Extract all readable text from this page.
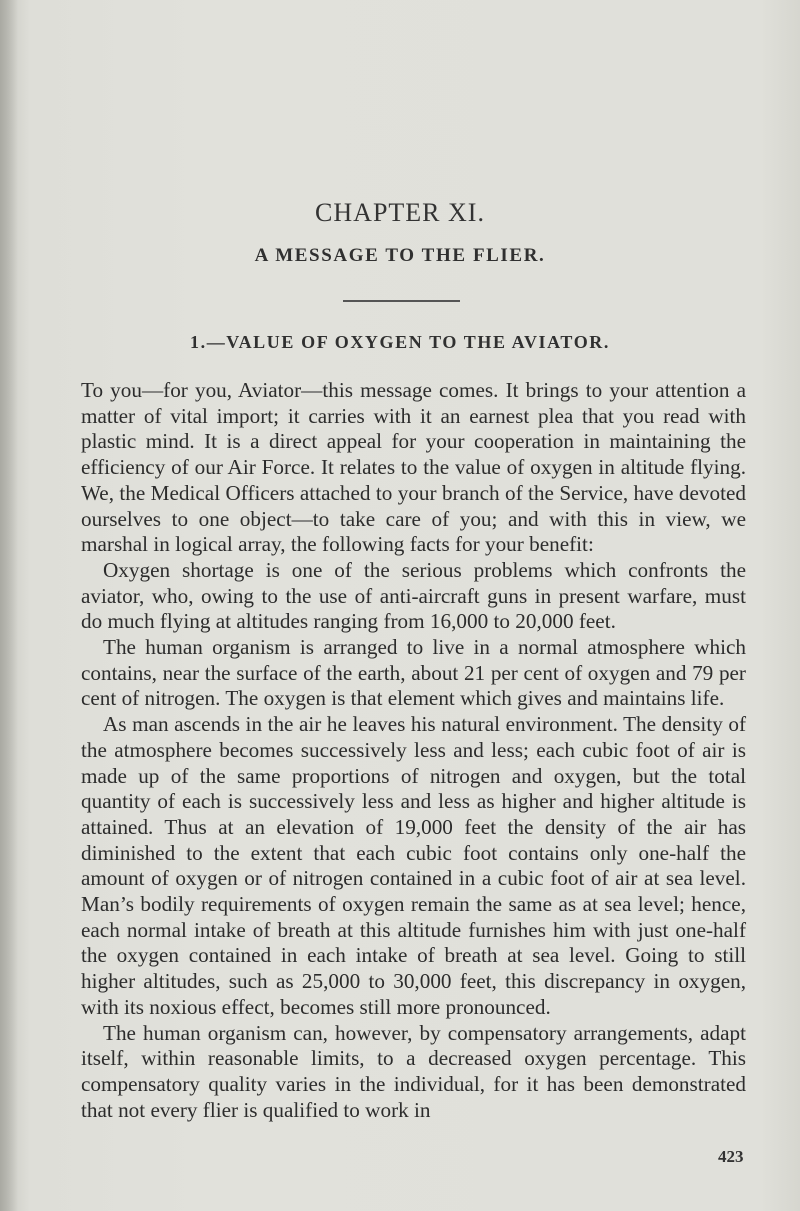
CHAPTER XI.
A MESSAGE TO THE FLIER.
1.—VALUE OF OXYGEN TO THE AVIATOR.

To you—for you, Aviator—this message comes. It brings to your attention a matter of vital import; it carries with it an earnest plea that you read with plastic mind. It is a direct appeal for your cooperation in maintaining the efficiency of our Air Force. It relates to the value of oxygen in altitude flying. We, the Medical Officers attached to your branch of the Service, have devoted ourselves to one object—to take care of you; and with this in view, we marshal in logical array, the following facts for your benefit:

Oxygen shortage is one of the serious problems which confronts the aviator, who, owing to the use of anti-aircraft guns in present warfare, must do much flying at altitudes ranging from 16,000 to 20,000 feet.

The human organism is arranged to live in a normal atmosphere which contains, near the surface of the earth, about 21 per cent of oxygen and 79 per cent of nitrogen. The oxygen is that element which gives and maintains life.

As man ascends in the air he leaves his natural environment. The density of the atmosphere becomes successively less and less; each cubic foot of air is made up of the same proportions of nitrogen and oxygen, but the total quantity of each is successively less and less as higher and higher altitude is attained. Thus at an elevation of 19,000 feet the density of the air has diminished to the extent that each cubic foot contains only one-half the amount of oxygen or of nitrogen contained in a cubic foot of air at sea level. Man’s bodily requirements of oxygen remain the same as at sea level; hence, each normal intake of breath at this altitude furnishes him with just one-half the oxygen contained in each intake of breath at sea level. Going to still higher altitudes, such as 25,000 to 30,000 feet, this discrepancy in oxygen, with its noxious effect, becomes still more pronounced.

The human organism can, however, by compensatory arrangements, adapt itself, within reasonable limits, to a decreased oxygen percentage. This compensatory quality varies in the individual, for it has been demonstrated that not every flier is qualified to work in

423
